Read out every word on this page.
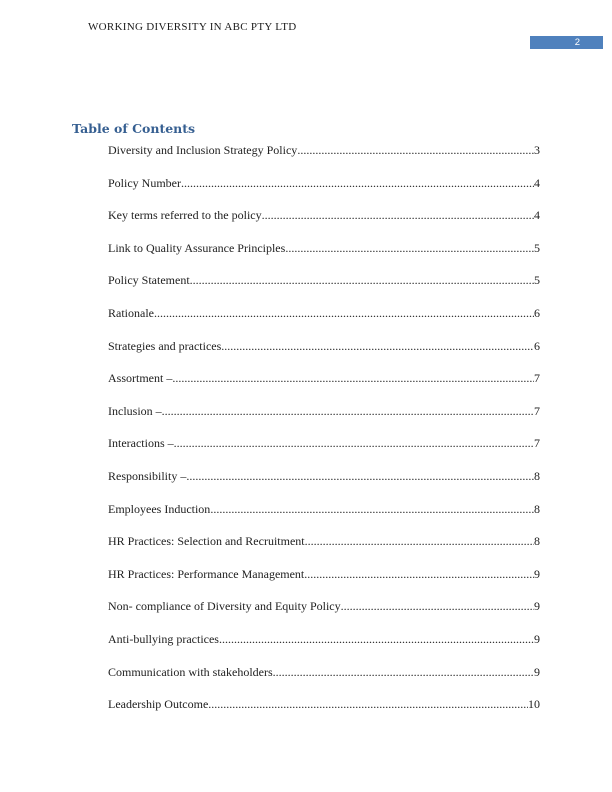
WORKING DIVERSITY IN ABC PTY LTD
2
Table of Contents
Diversity and Inclusion Strategy Policy .....	3
Policy Number .....	4
Key terms referred to the policy .....	4
Link to Quality Assurance Principles .....	5
Policy Statement .....	5
Rationale .....	6
Strategies and practices .....	6
Assortment – .....	7
Inclusion – .....	7
Interactions – .....	7
Responsibility – .....	8
Employees Induction .....	8
HR Practices: Selection and Recruitment .....	8
HR Practices: Performance Management .....	9
Non- compliance of Diversity and Equity Policy .....	9
Anti-bullying practices .....	9
Communication with stakeholders .....	9
Leadership Outcome .....	10
